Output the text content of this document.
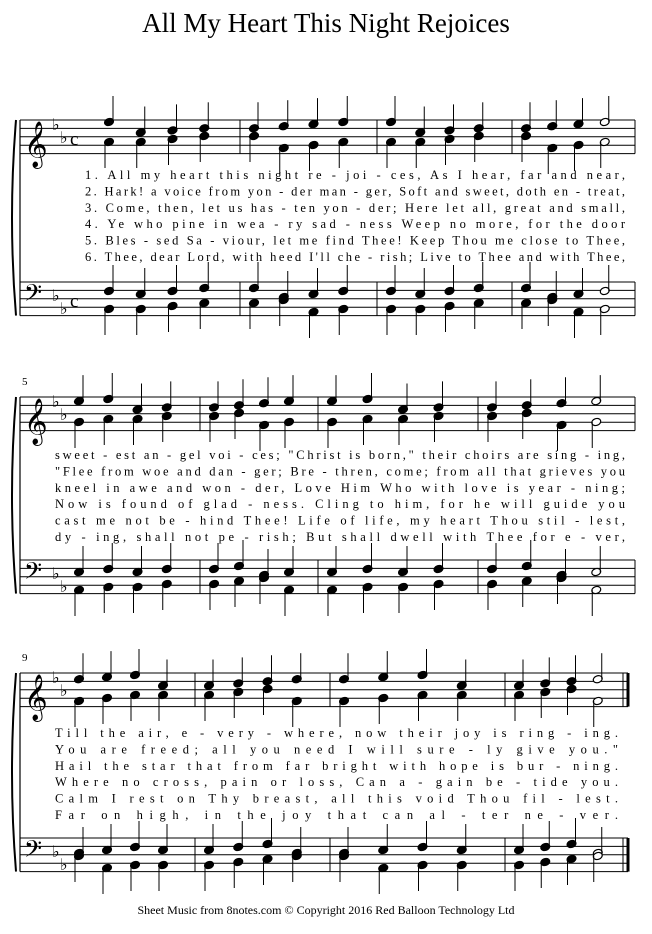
All My Heart This Night Rejoices
𝄞
𝄢
♭
♭
♭
♭
c
c
𝄞
𝄢
♭
♭
♭
♭
𝄞
𝄢
♭
♭
♭
♭
5
9
1. All my heart this night re - joi - ces, As I hear, far and near,
2. Hark! a voice from yon - der man - ger, Soft and sweet, doth en - treat,
3. Come, then, let us has - ten yon - der; Here let all, great and small,
4. Ye who pine in wea - ry sad - ness Weep no more, for the door
5. Bles - sed Sa - viour, let me find Thee! Keep Thou me close to Thee,
6. Thee, dear Lord, with heed I'll che - rish; Live to Thee and with Thee,
sweet - est an - gel voi - ces; "Christ is born," their choirs are sing - ing,
"Flee from woe and dan - ger; Bre - thren, come; from all that grieves you
kneel in awe and won - der, Love Him Who with love is year - ning;
Now is found of glad - ness. Cling to him, for he will guide you
cast me not be - hind Thee! Life of life, my heart Thou stil - lest,
dy - ing, shall not pe - rish; But shall dwell with Thee for e - ver,
Till the air, e - very - where, now their joy is ring - ing.
You are freed; all you need I will sure - ly give you."
Hail the star that from far bright with hope is bur - ning.
Where no cross, pain or loss, Can a - gain be - tide you.
Calm I rest on Thy breast, all this void Thou fil - lest.
Far on high, in the joy that can al - ter ne - ver.
Sheet Music from 8notes.com © Copyright 2016 Red Balloon Technology Ltd
